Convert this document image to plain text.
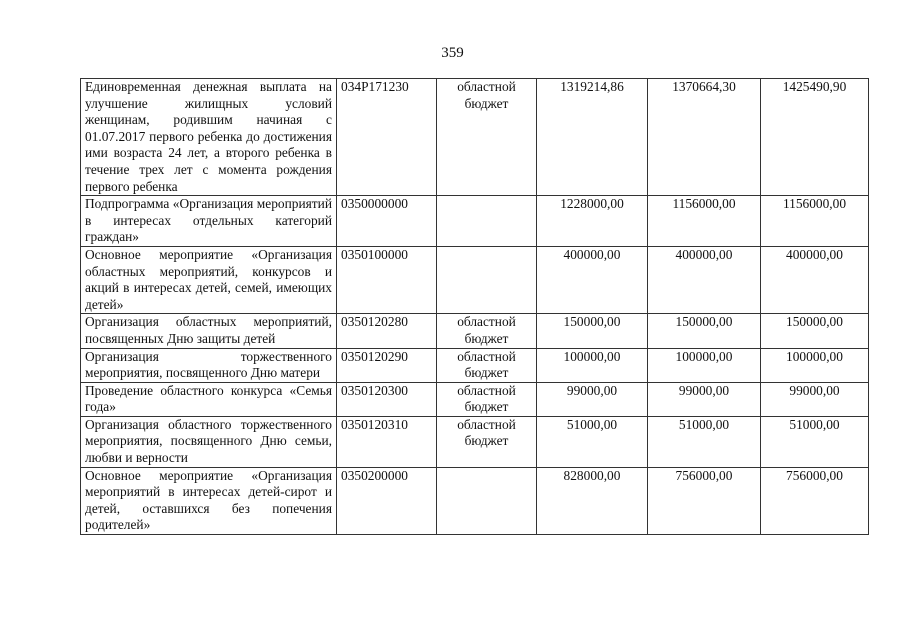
359
Единовременная денежная выплата на улучшение жилищных условий женщинам, родившим начиная с 01.07.2017 первого ребенка до достижения ими возраста 24 лет, а второго ребенка в течение трех лет с момента рождения первого ребенка	034P171230	областной бюджет	1319214,86	1370664,30	1425490,90
Подпрограмма «Организация мероприятий в интересах отдельных категорий граждан»	0350000000		1228000,00	1156000,00	1156000,00
Основное мероприятие «Организация областных мероприятий, конкурсов и акций в интересах детей, семей, имеющих детей»	0350100000		400000,00	400000,00	400000,00
Организация областных мероприятий, посвященных Дню защиты детей	0350120280	областной бюджет	150000,00	150000,00	150000,00
Организация торжественного мероприятия, посвященного Дню матери	0350120290	областной бюджет	100000,00	100000,00	100000,00
Проведение областного конкурса «Семья года»	0350120300	областной бюджет	99000,00	99000,00	99000,00
Организация областного торжественного мероприятия, посвященного Дню семьи, любви и верности	0350120310	областной бюджет	51000,00	51000,00	51000,00
Основное мероприятие «Организация мероприятий в интересах детей-сирот и детей, оставшихся без попечения родителей»	0350200000		828000,00	756000,00	756000,00
